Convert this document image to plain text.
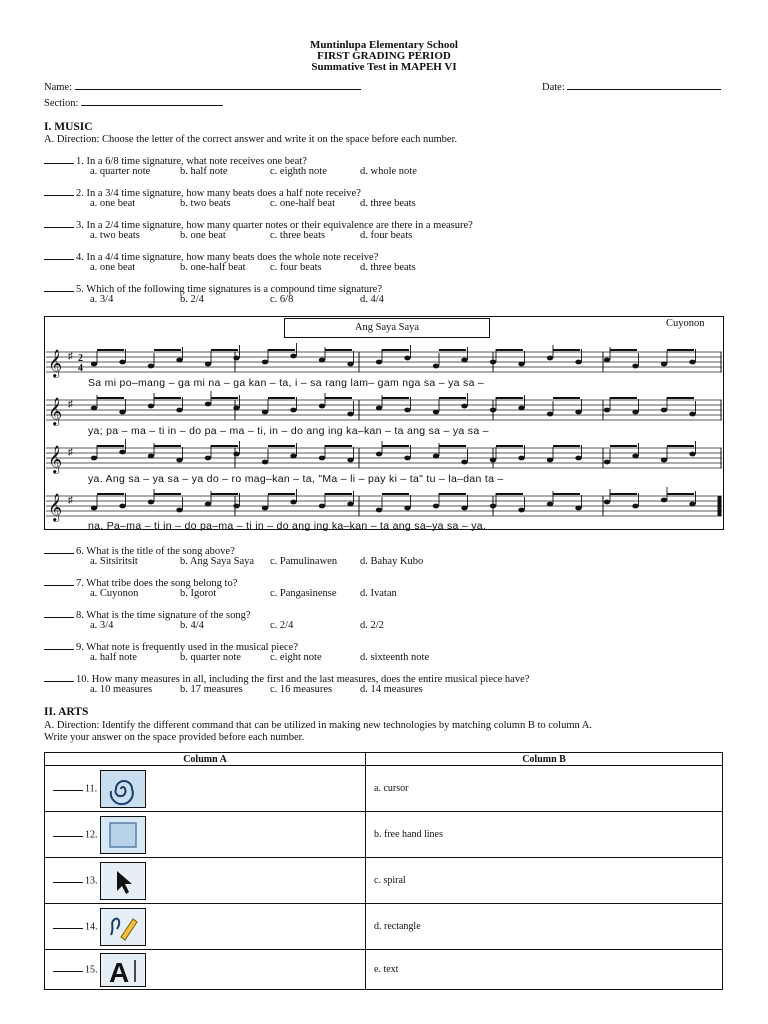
Muntinlupa Elementary School
FIRST GRADING PERIOD
Summative Test in MAPEH VI
Name:	Date:
Section:
I. MUSIC
A. Direction: Choose the letter of the correct answer and write it on the space before each number.
1. In a 6/8 time signature, what note receives one beat?
a. quarter note	b. half note	c. eighth note	d. whole note
2. In a 3/4 time signature, how many beats does a half note receive?
a. one beat	b. two beats	c. one-half beat d. three beats
3. In a 2/4 time signature, how many quarter notes or their equivalence are there in a measure?
a. two beats	b. one beat	c. three beats	d. four beats
4. In a 4/4 time signature, how many beats does the whole note receive?
a. one beat	b. one-half beat c. four beats	d. three beats
5. Which of the following time signatures is a compound time signature?
a. 3/4	b. 2/4	c. 6/8	d. 4/4
Ang Saya Saya	Cuyonon
𝄞 ♯ 2
4
𝄞 ♯
𝄞 ♯
𝄞 ♯
Sa mi po–mang – ga mi na – ga kan – ta, i – sa rang lam– gam nga sa – ya sa –
ya; pa – ma – ti in – do pa – ma – ti, in – do ang ing ka–kan – ta ang sa – ya sa –
ya. Ang sa – ya sa – ya do – ro mag–kan – ta, "Ma – li – pay ki – ta" tu – la–dan ta –
na. Pa–ma – ti in – do pa–ma – ti in – do ang ing ka–kan – ta ang sa–ya sa – ya.
6. What is the title of the song above?
a. Sitsiritsit	b. Ang Saya Saya c. Pamulinawen d. Bahay Kubo
7. What tribe does the song belong to?
a. Cuyonon	b. Igorot	c. Pangasinense d. Ivatan
8. What is the time signature of the song?
a. 3/4	b. 4/4	c. 2/4	d. 2/2
9. What note is frequently used in the musical piece?
a. half note	b. quarter note	c. eight note	d. sixteenth note
10. How many measures in all, including the first and the last measures, does the entire musical piece have?
a. 10 measures	b. 17 measures	c. 16 measures	d. 14 measures
II. ARTS
A. Direction: Identify the different command that can be utilized in making new technologies by matching column B to column A.
Write your answer on the space provided before each number.
Column A	Column B
11.	a. cursor
12.	b. free hand lines
13.	c. spiral
14.	d. rectangle
15. A	e. text
